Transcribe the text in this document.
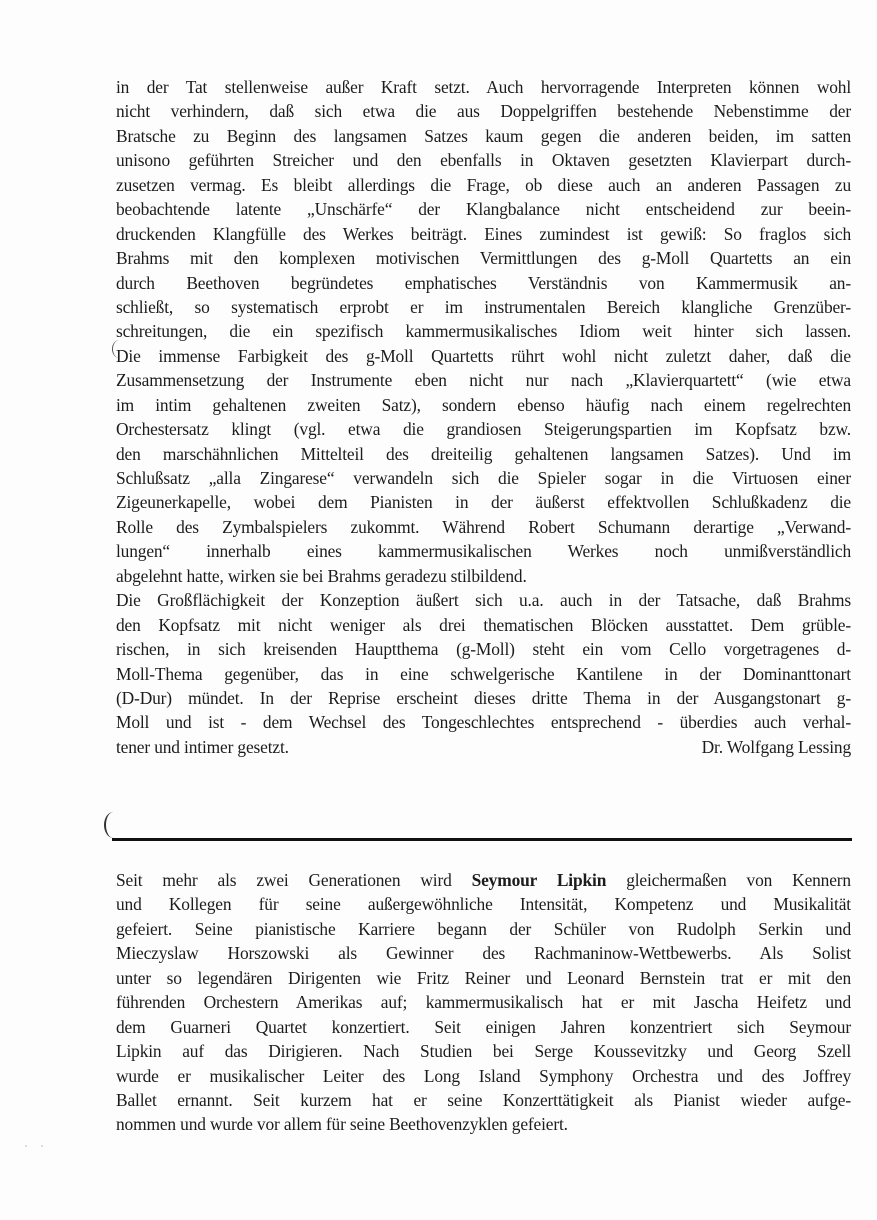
in der Tat stellenweise außer Kraft setzt. Auch hervorragende Interpreten können wohl
nicht verhindern, daß sich etwa die aus Doppelgriffen bestehende Nebenstimme der
Bratsche zu Beginn des langsamen Satzes kaum gegen die anderen beiden, im satten
unisono geführten Streicher und den ebenfalls in Oktaven gesetzten Klavierpart durch-
zusetzen vermag. Es bleibt allerdings die Frage, ob diese auch an anderen Passagen zu
beobachtende latente „Unschärfe“ der Klangbalance nicht entscheidend zur beein-
druckenden Klangfülle des Werkes beiträgt. Eines zumindest ist gewiß: So fraglos sich
Brahms mit den komplexen motivischen Vermittlungen des g-Moll Quartetts an ein
durch Beethoven begründetes emphatisches Verständnis von Kammermusik an-
schließt, so systematisch erprobt er im instrumentalen Bereich klangliche Grenzüber-
schreitungen, die ein spezifisch kammermusikalisches Idiom weit hinter sich lassen.
Die immense Farbigkeit des g-Moll Quartetts rührt wohl nicht zuletzt daher, daß die
Zusammensetzung der Instrumente eben nicht nur nach „Klavierquartett“ (wie etwa
im intim gehaltenen zweiten Satz), sondern ebenso häufig nach einem regelrechten
Orchestersatz klingt (vgl. etwa die grandiosen Steigerungspartien im Kopfsatz bzw.
den marschähnlichen Mittelteil des dreiteilig gehaltenen langsamen Satzes). Und im
Schlußsatz „alla Zingarese“ verwandeln sich die Spieler sogar in die Virtuosen einer
Zigeunerkapelle, wobei dem Pianisten in der äußerst effektvollen Schlußkadenz die
Rolle des Zymbalspielers zukommt. Während Robert Schumann derartige „Verwand-
lungen“ innerhalb eines kammermusikalischen Werkes noch unmißverständlich
abgelehnt hatte, wirken sie bei Brahms geradezu stilbildend.
Die Großflächigkeit der Konzeption äußert sich u.a. auch in der Tatsache, daß Brahms
den Kopfsatz mit nicht weniger als drei thematischen Blöcken ausstattet. Dem grüble-
rischen, in sich kreisenden Hauptthema (g-Moll) steht ein vom Cello vorgetragenes d-
Moll-Thema gegenüber, das in eine schwelgerische Kantilene in der Dominanttonart
(D-Dur) mündet. In der Reprise erscheint dieses dritte Thema in der Ausgangstonart g-
Moll und ist - dem Wechsel des Tongeschlechtes entsprechend - überdies auch verhal-
tener und intimer gesetzt.	Dr. Wolfgang Lessing
Seit mehr als zwei Generationen wird Seymour Lipkin gleichermaßen von Kennern
und Kollegen für seine außergewöhnliche Intensität, Kompetenz und Musikalität
gefeiert. Seine pianistische Karriere begann der Schüler von Rudolph Serkin und
Mieczyslaw Horszowski als Gewinner des Rachmaninow-Wettbewerbs. Als Solist
unter so legendären Dirigenten wie Fritz Reiner und Leonard Bernstein trat er mit den
führenden Orchestern Amerikas auf; kammermusikalisch hat er mit Jascha Heifetz und
dem Guarneri Quartet konzertiert. Seit einigen Jahren konzentriert sich Seymour
Lipkin auf das Dirigieren. Nach Studien bei Serge Koussevitzky und Georg Szell
wurde er musikalischer Leiter des Long Island Symphony Orchestra und des Joffrey
Ballet ernannt. Seit kurzem hat er seine Konzerttätigkeit als Pianist wieder aufge-
nommen und wurde vor allem für seine Beethovenzyklen gefeiert.
